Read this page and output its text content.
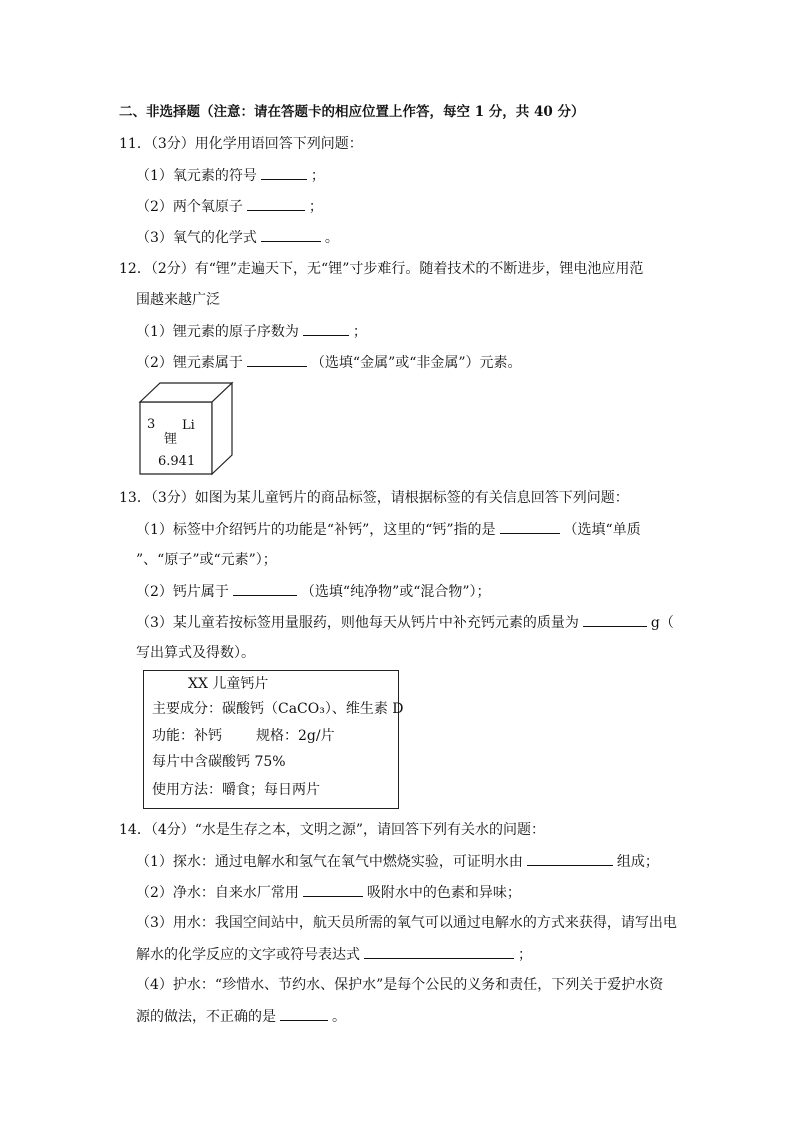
二、非选择题（注意：请在答题卡的相应位置上作答，每空 1 分，共 40 分）
11．（3分）用化学用语回答下列问题：
（1）氧元素的符号	；
（2）两个氧原子	；
（3）氧气的化学式	。
12．（2分）有“锂”走遍天下，无“锂”寸步难行。随着技术的不断进步，锂电池应用范
围越来越广泛
（1）锂元素的原子序数为	；
（2）锂元素属于	（选填“金属”或“非金属”）元素。
3
锂
Li
6.941
13．（3分）如图为某儿童钙片的商品标签，请根据标签的有关信息回答下列问题：
（1）标签中介绍钙片的功能是“补钙”，这里的“钙”指的是	（选填“单质
”、“原子”或“元素”）；
（2）钙片属于	（选填“纯净物”或“混合物”）；
（3）某儿童若按标签用量服药，则他每天从钙片中补充钙元素的质量为	g（
写出算式及得数）。
XX 儿童钙片
主要成分：碳酸钙（CaCO₃）、维生素 D
功能：补钙 规格：2g/片
每片中含碳酸钙 75%
使用方法：嚼食；每日两片
14．（4分）“水是生存之本，文明之源”，请回答下列有关水的问题：
（1）探水：通过电解水和氢气在氧气中燃烧实验，可证明水由	组成；
（2）净水：自来水厂常用	吸附水中的色素和异味；
（3）用水：我国空间站中，航天员所需的氧气可以通过电解水的方式来获得，请写出电
解水的化学反应的文字或符号表达式	；
（4）护水：“珍惜水、节约水、保护水”是每个公民的义务和责任，下列关于爱护水资
源的做法，不正确的是	。
